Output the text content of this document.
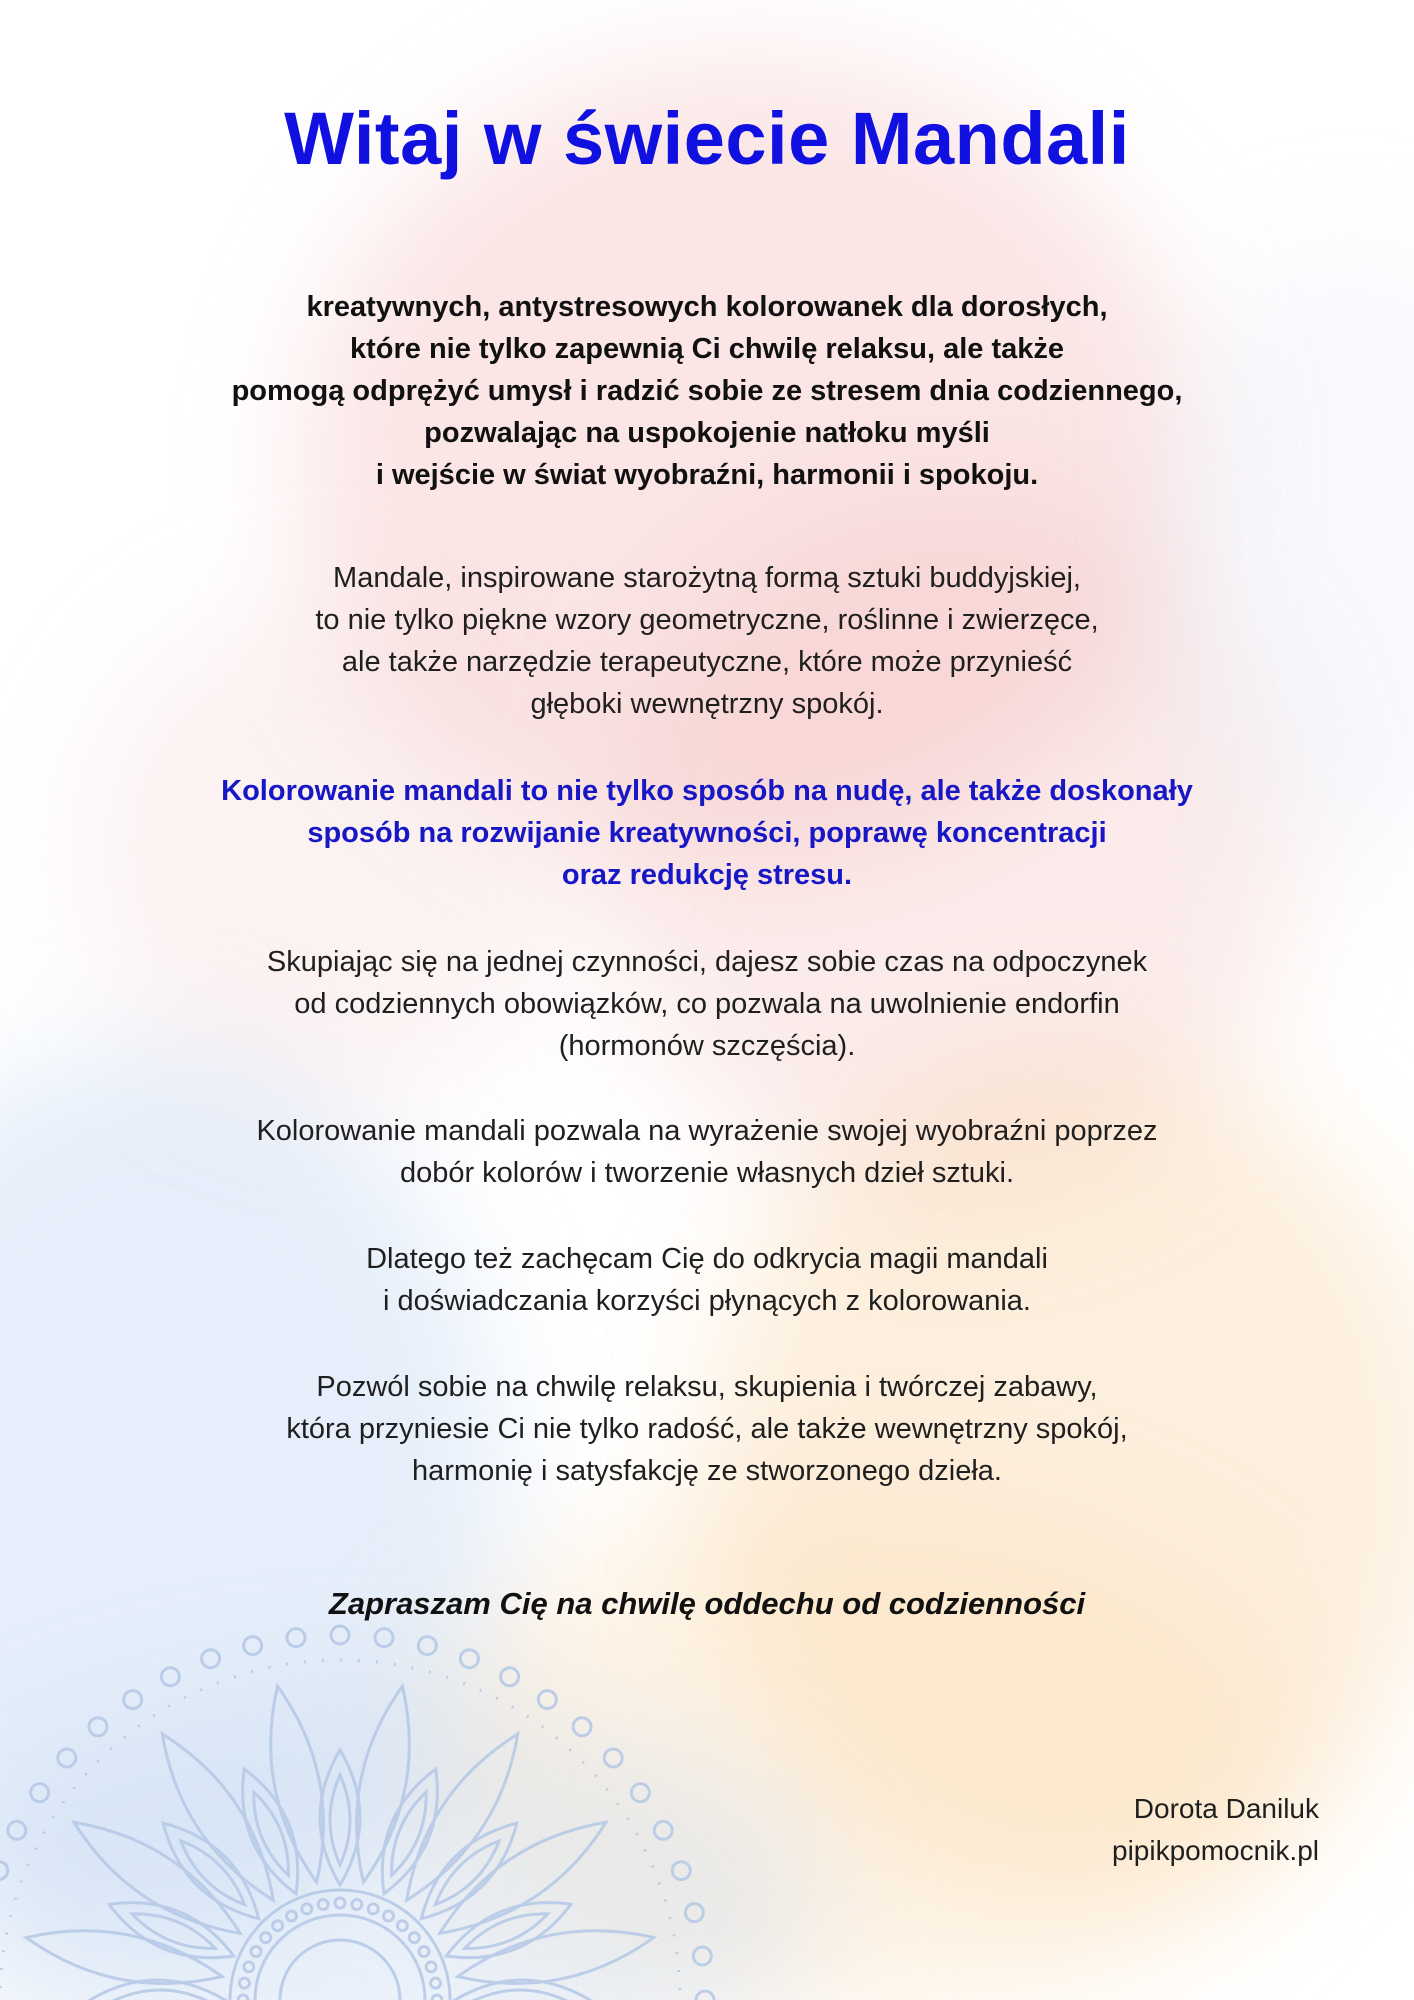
Witaj w świecie Mandali

kreatywnych, antystresowych kolorowanek dla dorosłych,
które nie tylko zapewnią Ci chwilę relaksu, ale także
pomogą odprężyć umysł i radzić sobie ze stresem dnia codziennego,
pozwalając na uspokojenie natłoku myśli
i wejście w świat wyobraźni, harmonii i spokoju.

Mandale, inspirowane starożytną formą sztuki buddyjskiej,
to nie tylko piękne wzory geometryczne, roślinne i zwierzęce,
ale także narzędzie terapeutyczne, które może przynieść
głęboki wewnętrzny spokój.

Kolorowanie mandali to nie tylko sposób na nudę, ale także doskonały
sposób na rozwijanie kreatywności, poprawę koncentracji
oraz redukcję stresu.

Skupiając się na jednej czynności, dajesz sobie czas na odpoczynek
od codziennych obowiązków, co pozwala na uwolnienie endorfin
(hormonów szczęścia).

Kolorowanie mandali pozwala na wyrażenie swojej wyobraźni poprzez
dobór kolorów i tworzenie własnych dzieł sztuki.

Dlatego też zachęcam Cię do odkrycia magii mandali
i doświadczania korzyści płynących z kolorowania.

Pozwól sobie na chwilę relaksu, skupienia i twórczej zabawy,
która przyniesie Ci nie tylko radość, ale także wewnętrzny spokój,
harmonię i satysfakcję ze stworzonego dzieła.

Zapraszam Cię na chwilę oddechu od codzienności

Dorota Daniluk
pipikpomocnik.pl
